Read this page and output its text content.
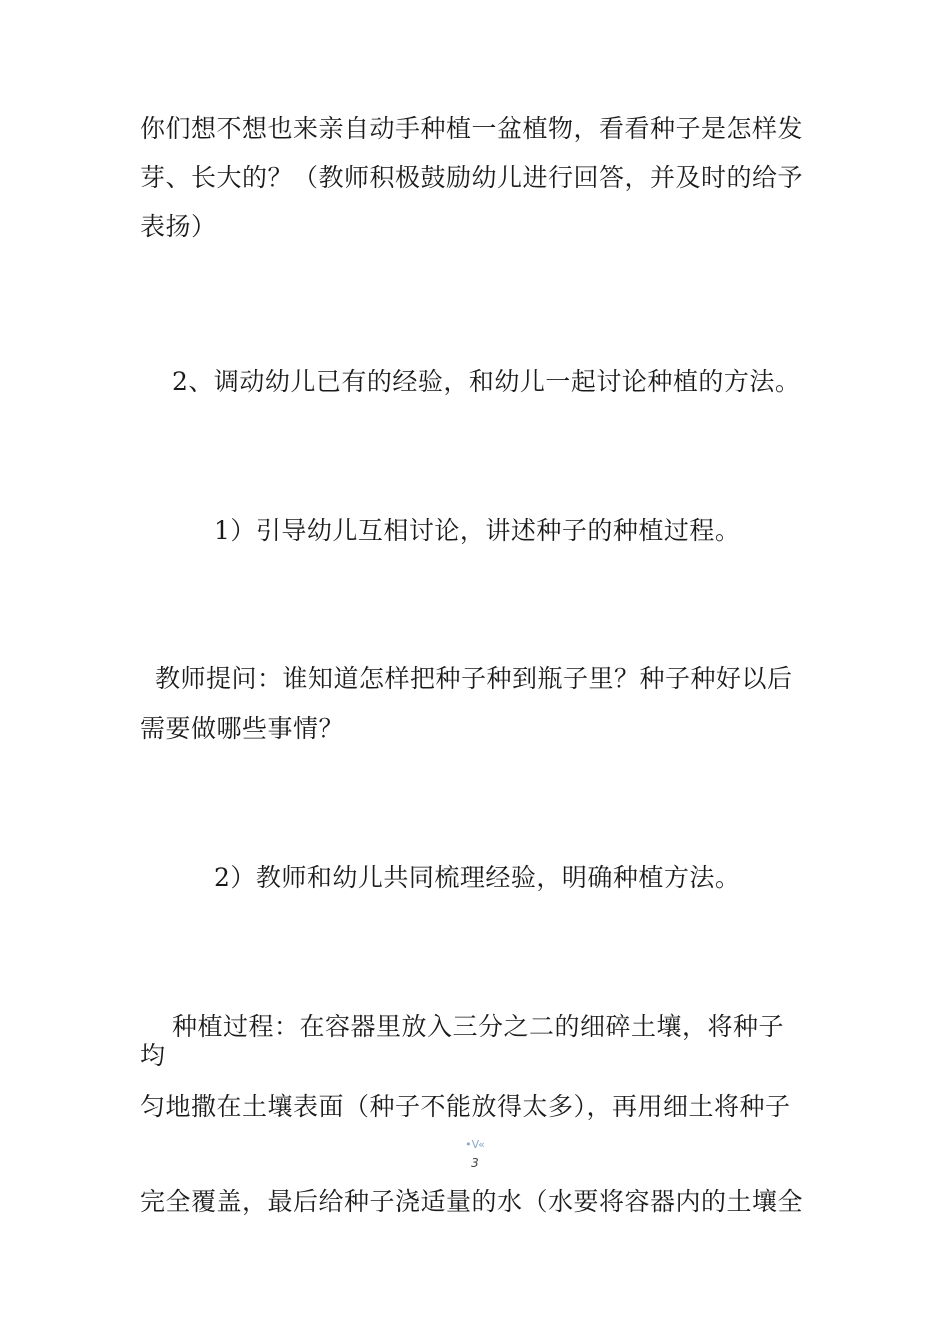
你们想不想也来亲自动手种植一盆植物，看看种子是怎样发
芽、长大的？（教师积极鼓励幼儿进行回答，并及时的给予
表扬）
2、调动幼儿已有的经验，和幼儿一起讨论种植的方法。
1）引导幼儿互相讨论，讲述种子的种植过程。
教师提问：谁知道怎样把种子种到瓶子里？种子种好以后
需要做哪些事情？
2）教师和幼儿共同梳理经验，明确种植方法。
种植过程：在容器里放入三分之二的细碎土壤，将种子
均
匀地撒在土壤表面（种子不能放得太多），再用细土将种子
•V«
3
完全覆盖，最后给种子浇适量的水（水要将容器内的土壤全
